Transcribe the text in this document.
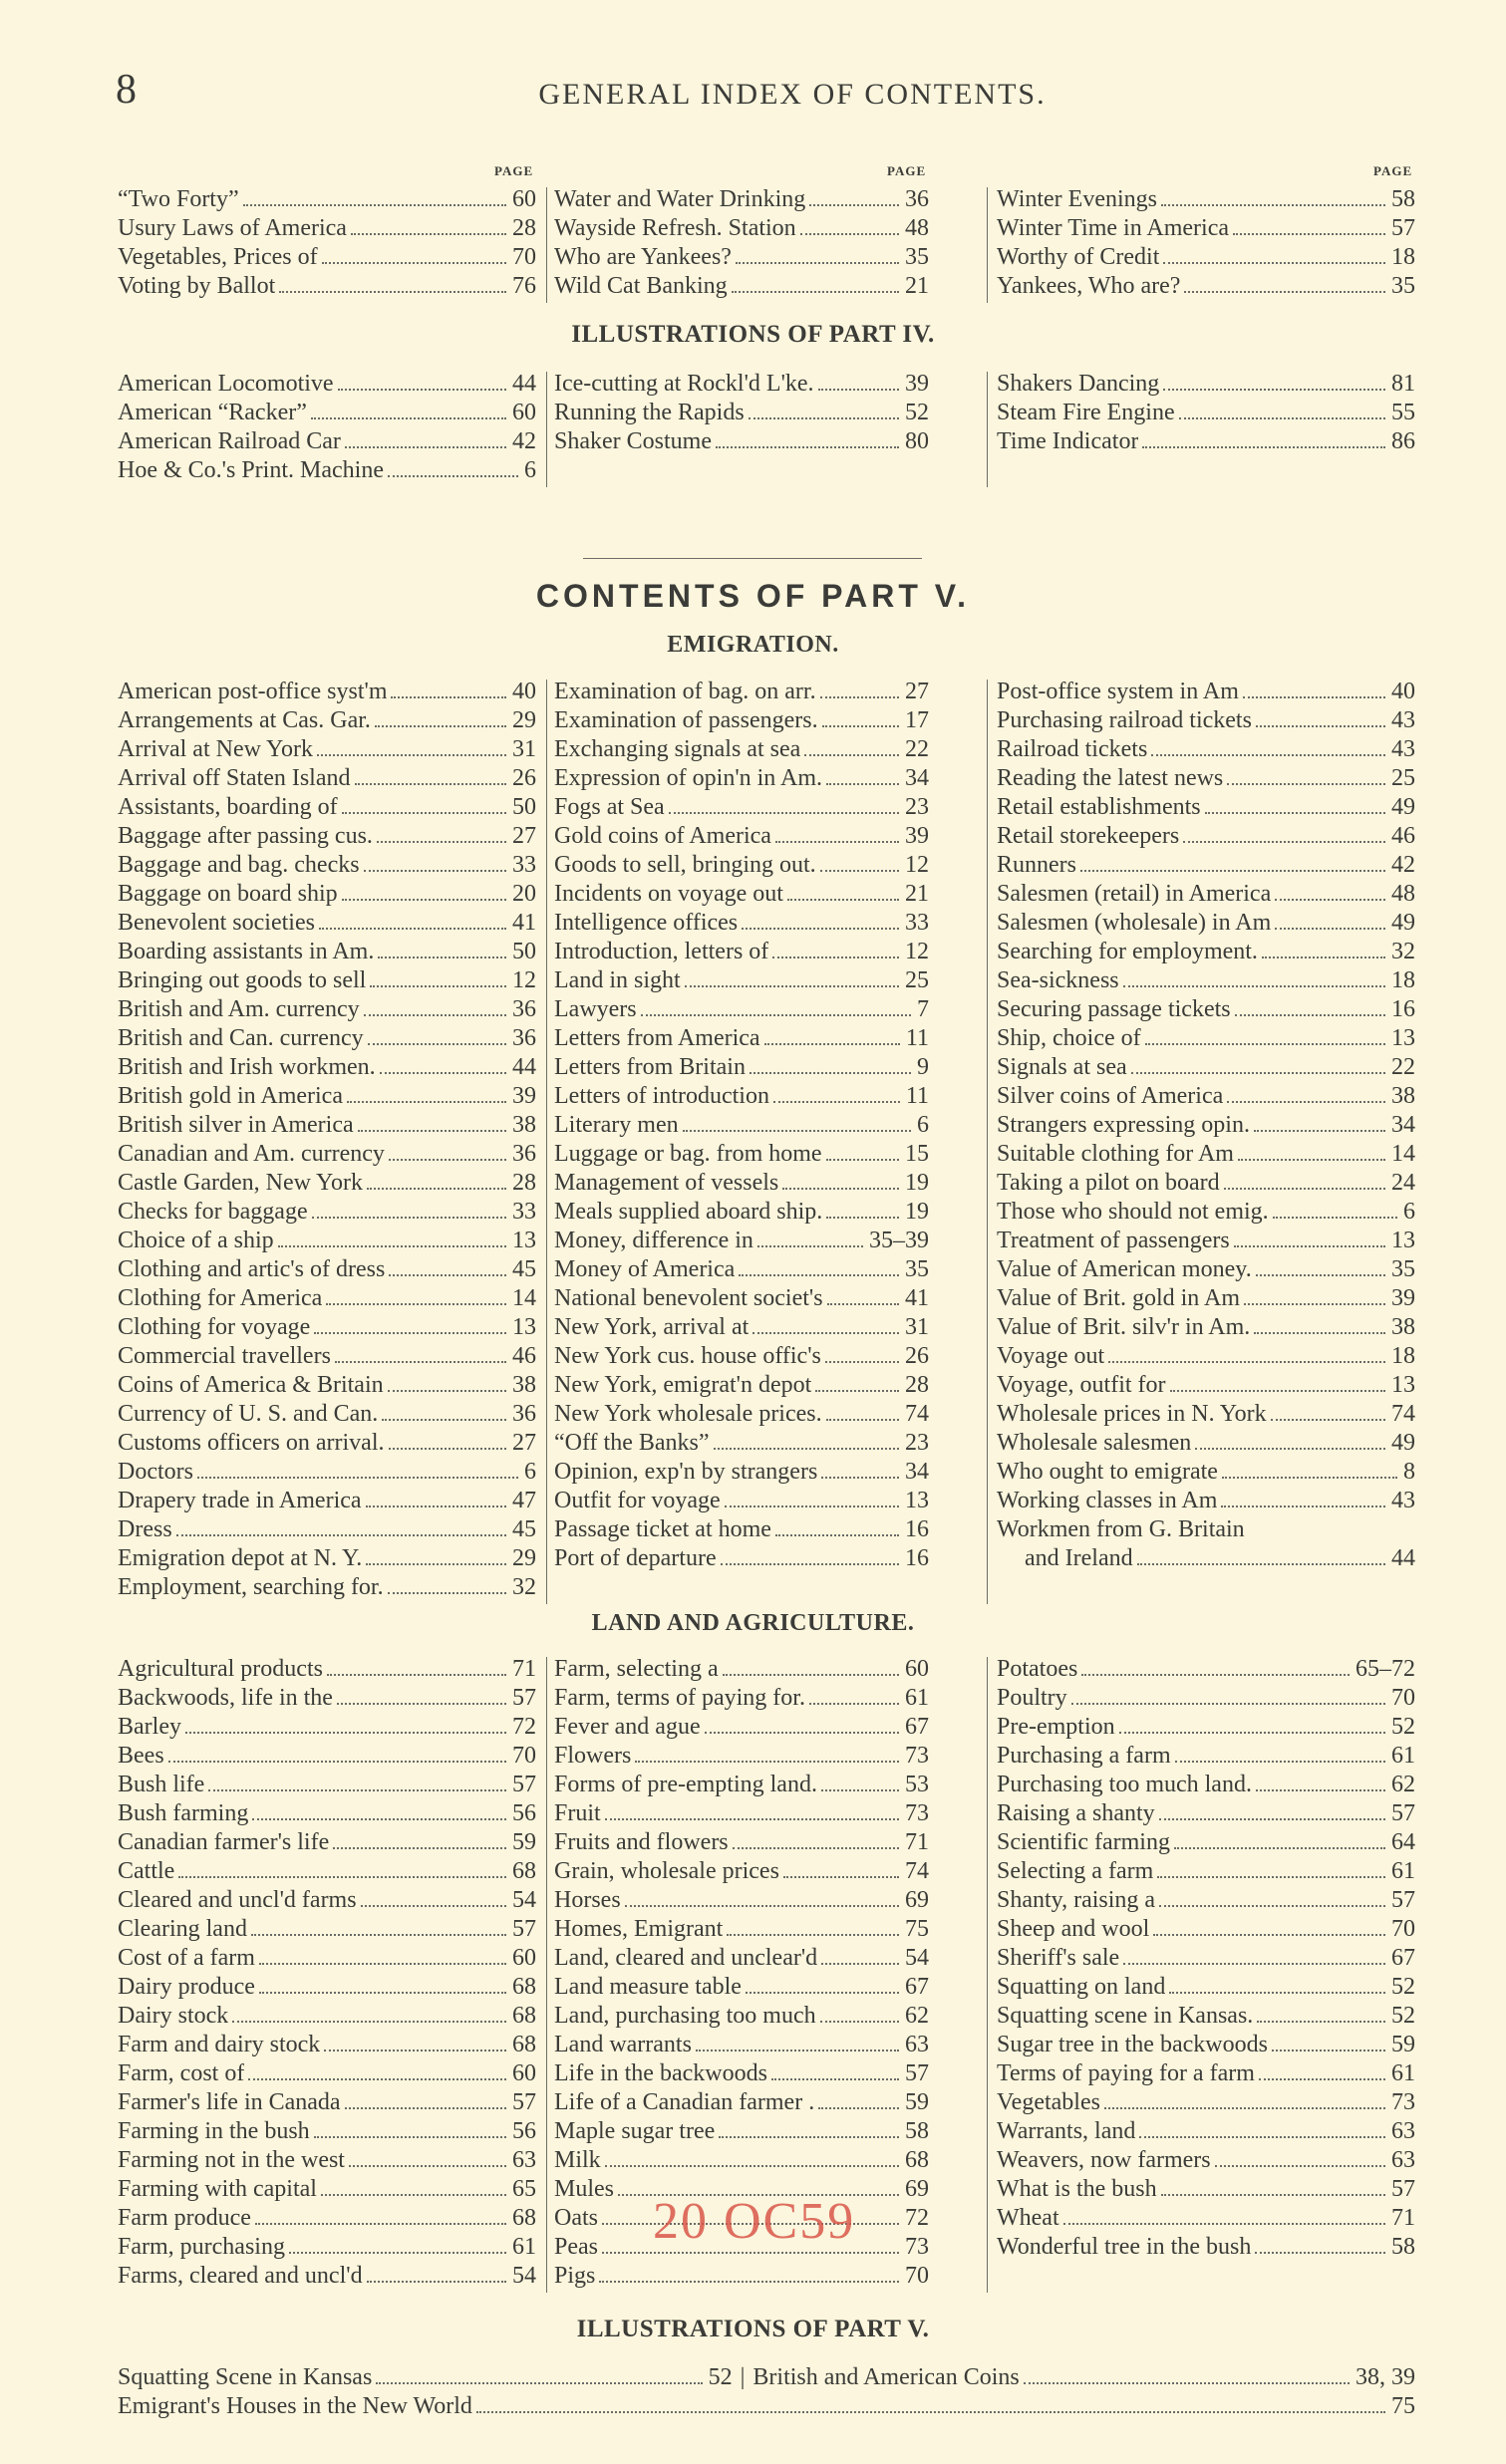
8	GENERAL INDEX OF CONTENTS.
“Two Forty”	60
Usury Laws of America	28
Vegetables, Prices of	70
Voting by Ballot	76
PAGE
Water and Water Drinking	36
Wayside Refresh. Station	48
Who are Yankees?	35
Wild Cat Banking	21
PAGE
Winter Evenings	58
Winter Time in America	57
Worthy of Credit	18
Yankees, Who are?	35
PAGE
ILLUSTRATIONS OF PART IV.
American Locomotive	44
American “Racker”	60
American Railroad Car	42
Hoe & Co.'s Print. Machine	6
Ice-cutting at Rockl'd L'ke.	39
Running the Rapids	52
Shaker Costume	80
Shakers Dancing	81
Steam Fire Engine	55
Time Indicator	86
CONTENTS OF PART V.
EMIGRATION.
American post-office syst'm	40
Arrangements at Cas. Gar.	29
Arrival at New York	31
Arrival off Staten Island	26
Assistants, boarding of	50
Baggage after passing cus.	27
Baggage and bag. checks	33
Baggage on board ship	20
Benevolent societies	41
Boarding assistants in Am.	50
Bringing out goods to sell	12
British and Am. currency	36
British and Can. currency	36
British and Irish workmen.	44
British gold in America	39
British silver in America	38
Canadian and Am. currency	36
Castle Garden, New York	28
Checks for baggage	33
Choice of a ship	13
Clothing and artic's of dress	45
Clothing for America	14
Clothing for voyage	13
Commercial travellers	46
Coins of America & Britain	38
Currency of U. S. and Can.	36
Customs officers on arrival.	27
Doctors	6
Drapery trade in America	47
Dress	45
Emigration depot at N. Y.	29
Employment, searching for.	32
Examination of bag. on arr.	27
Examination of passengers.	17
Exchanging signals at sea	22
Expression of opin'n in Am.	34
Fogs at Sea	23
Gold coins of America	39
Goods to sell, bringing out.	12
Incidents on voyage out	21
Intelligence offices	33
Introduction, letters of	12
Land in sight	25
Lawyers	7
Letters from America	11
Letters from Britain	9
Letters of introduction	11
Literary men	6
Luggage or bag. from home	15
Management of vessels	19
Meals supplied aboard ship.	19
Money, difference in	35–39
Money of America	35
National benevolent societ's	41
New York, arrival at	31
New York cus. house offic's	26
New York, emigrat'n depot	28
New York wholesale prices.	74
“Off the Banks”	23
Opinion, exp'n by strangers	34
Outfit for voyage	13
Passage ticket at home	16
Port of departure	16
Post-office system in Am	40
Purchasing railroad tickets	43
Railroad tickets	43
Reading the latest news	25
Retail establishments	49
Retail storekeepers	46
Runners	42
Salesmen (retail) in America	48
Salesmen (wholesale) in Am	49
Searching for employment.	32
Sea-sickness	18
Securing passage tickets	16
Ship, choice of	13
Signals at sea	22
Silver coins of America	38
Strangers expressing opin.	34
Suitable clothing for Am	14
Taking a pilot on board	24
Those who should not emig.	6
Treatment of passengers	13
Value of American money.	35
Value of Brit. gold in Am	39
Value of Brit. silv'r in Am.	38
Voyage out	18
Voyage, outfit for	13
Wholesale prices in N. York	74
Wholesale salesmen	49
Who ought to emigrate	8
Working classes in Am	43
Workmen from G. Britain
and Ireland	44
LAND AND AGRICULTURE.
Agricultural products	71
Backwoods, life in the	57
Barley	72
Bees	70
Bush life	57
Bush farming	56
Canadian farmer's life	59
Cattle	68
Cleared and uncl'd farms	54
Clearing land	57
Cost of a farm	60
Dairy produce	68
Dairy stock	68
Farm and dairy stock	68
Farm, cost of	60
Farmer's life in Canada	57
Farming in the bush	56
Farming not in the west	63
Farming with capital	65
Farm produce	68
Farm, purchasing	61
Farms, cleared and uncl'd	54
Farm, selecting a	60
Farm, terms of paying for.	61
Fever and ague	67
Flowers	73
Forms of pre-empting land.	53
Fruit	73
Fruits and flowers	71
Grain, wholesale prices	74
Horses	69
Homes, Emigrant	75
Land, cleared and unclear'd	54
Land measure table	67
Land, purchasing too much	62
Land warrants	63
Life in the backwoods	57
Life of a Canadian farmer .	59
Maple sugar tree	58
Milk	68
Mules	69
Oats	72
Peas	73
Pigs	70
Potatoes	65–72
Poultry	70
Pre-emption	52
Purchasing a farm	61
Purchasing too much land.	62
Raising a shanty	57
Scientific farming	64
Selecting a farm	61
Shanty, raising a	57
Sheep and wool	70
Sheriff's sale	67
Squatting on land	52
Squatting scene in Kansas.	52
Sugar tree in the backwoods	59
Terms of paying for a farm	61
Vegetables	73
Warrants, land	63
Weavers, now farmers	63
What is the bush	57
Wheat	71
Wonderful tree in the bush	58
20 OC59
ILLUSTRATIONS OF PART V.
Squatting Scene in Kansas	52 | British and American Coins	38, 39
Emigrant's Houses in the New World	75
